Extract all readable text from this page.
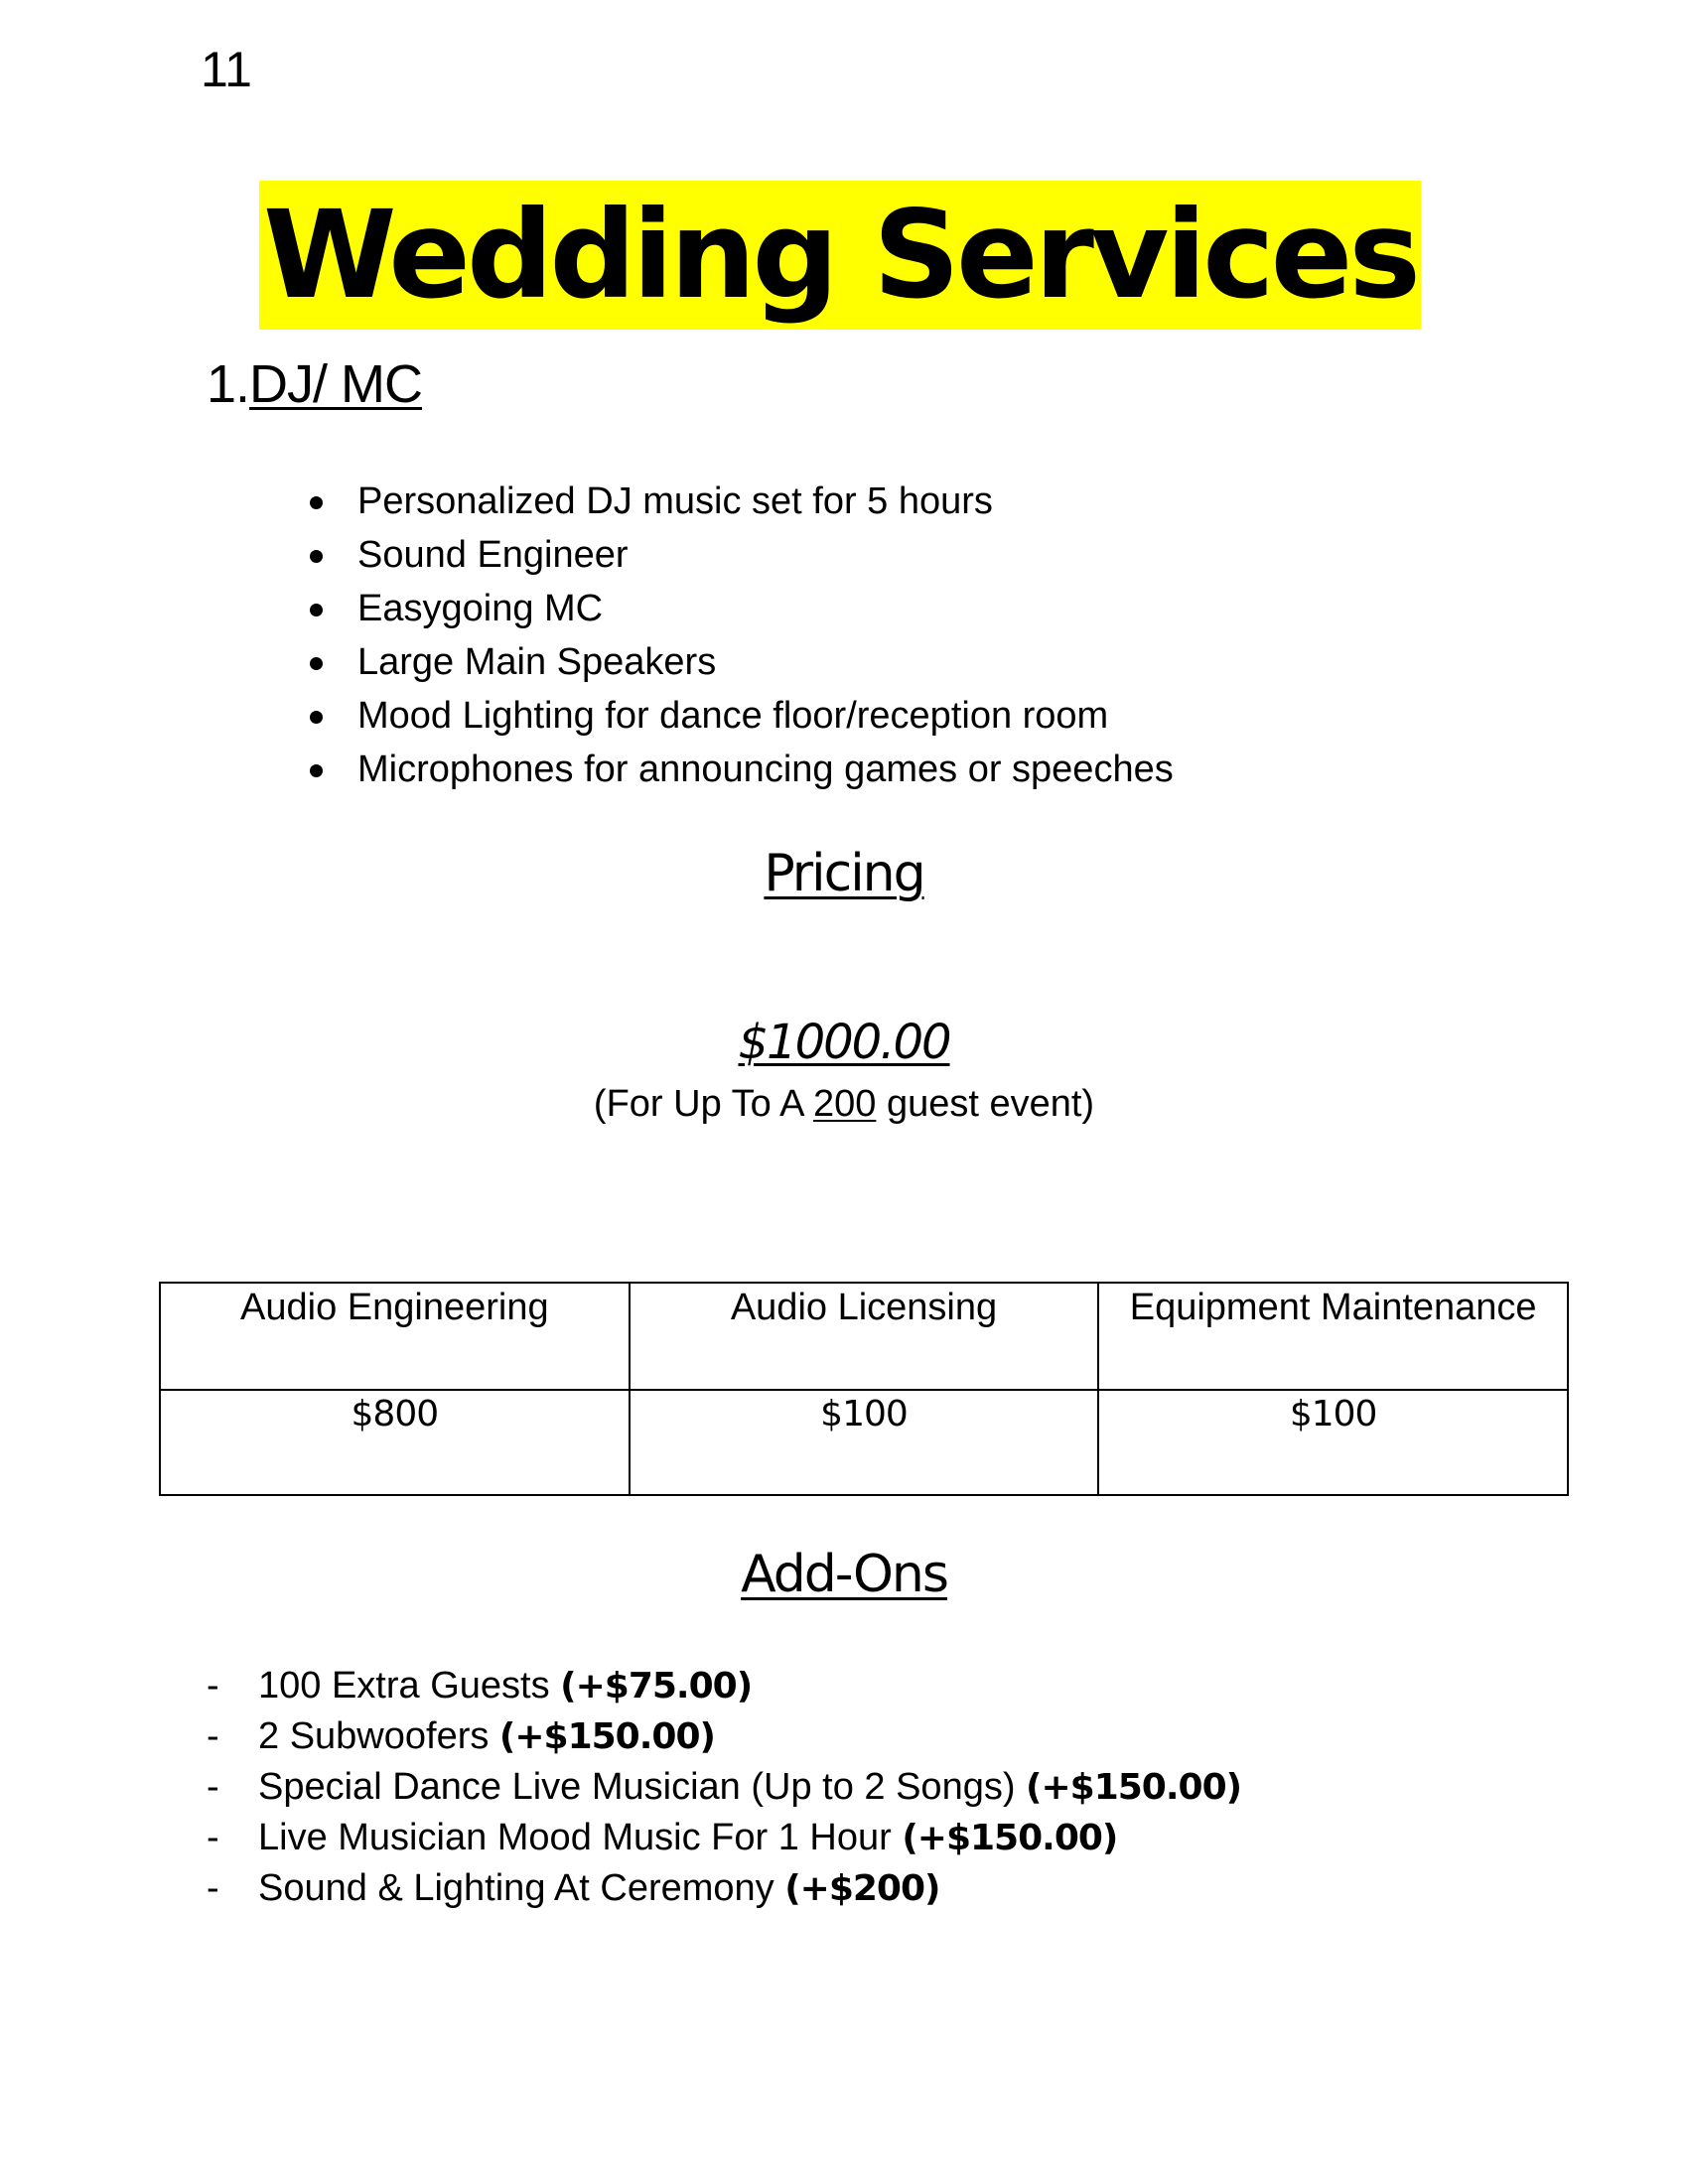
11
Wedding Services
1.DJ/ MC
Personalized DJ music set for 5 hours
Sound Engineer
Easygoing MC
Large Main Speakers
Mood Lighting for dance floor/reception room
Microphones for announcing games or speeches
Pricing
$1000.00
(For Up To A 200 guest event)
Audio Engineering	Audio Licensing	Equipment Maintenance
$800	$100	$100
Add-Ons
- 100 Extra Guests (+$75.00)
- 2 Subwoofers (+$150.00)
- Special Dance Live Musician (Up to 2 Songs) (+$150.00)
- Live Musician Mood Music For 1 Hour (+$150.00)
- Sound & Lighting At Ceremony (+$200)
